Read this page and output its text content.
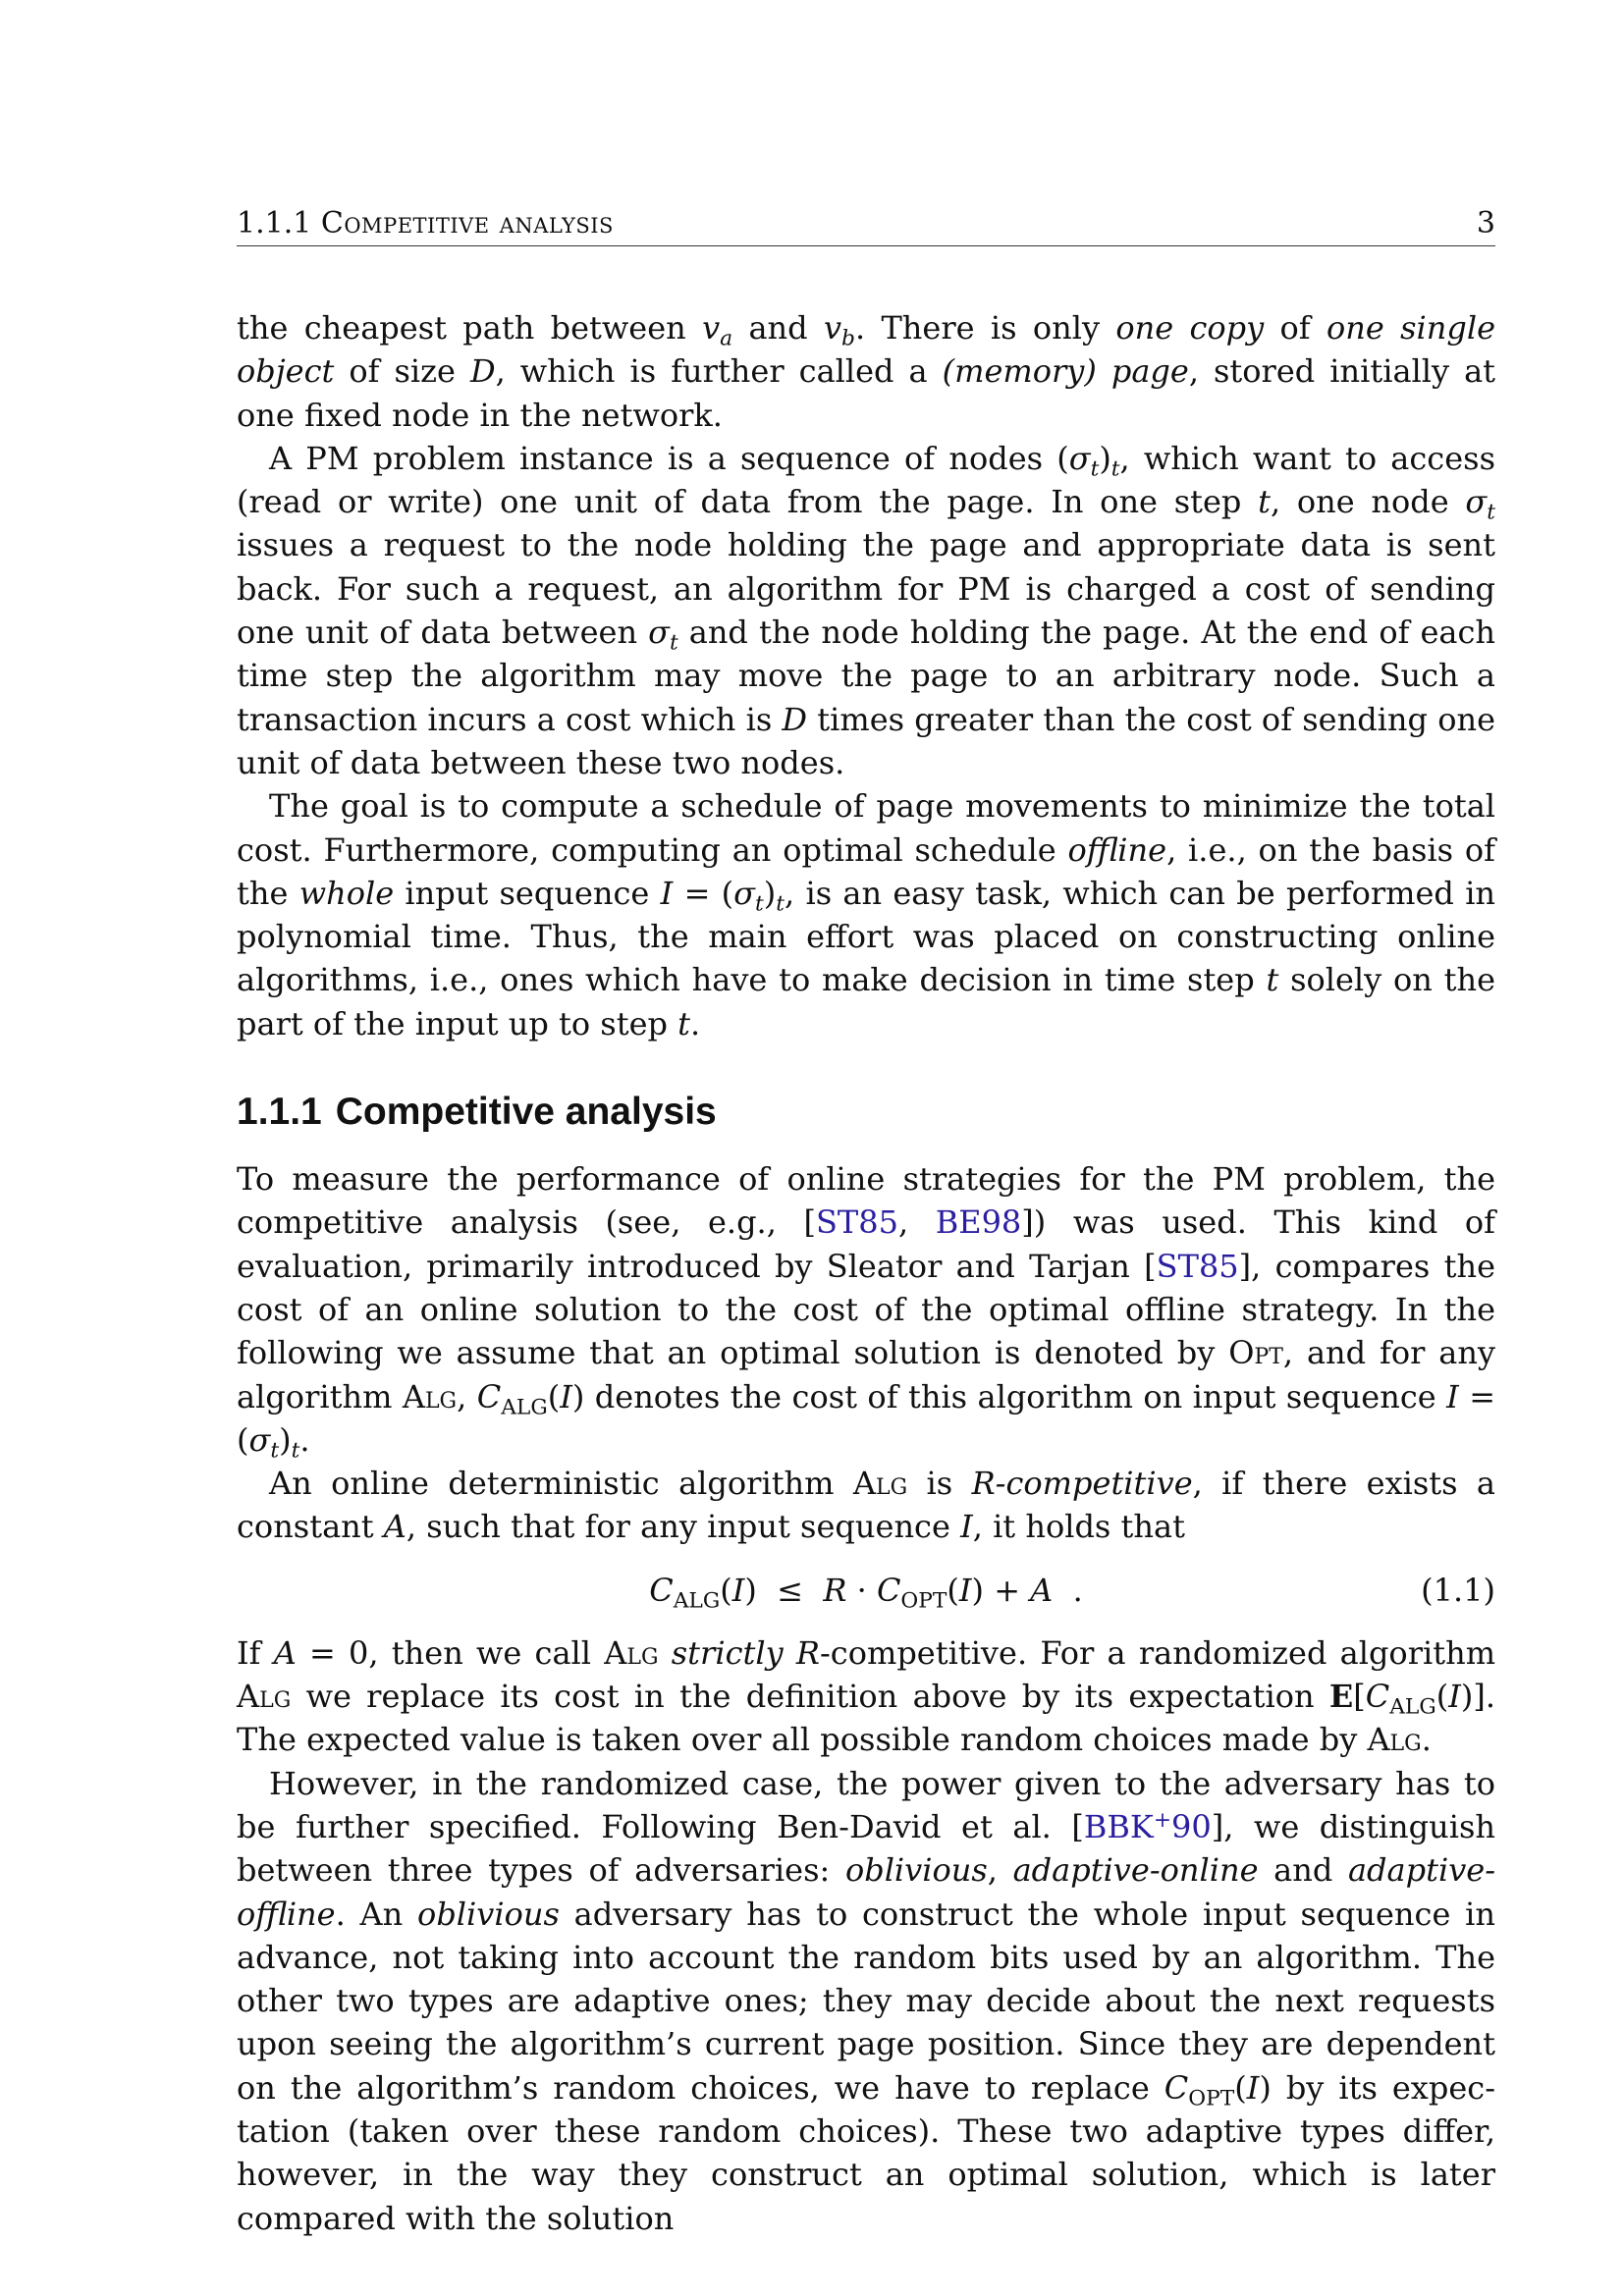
1.1.1 Competitive analysis	3

the cheapest path between $v_a$ and $v_b$. There is only one copy of one single object of size D, which is further called a (memory) page, stored initially at one fixed node in the network.

A PM problem instance is a sequence of nodes $(\sigma_t)_t$, which want to access (read or write) one unit of data from the page. In one step t, one node $\sigma_t$ issues a request to the node holding the page and appropriate data is sent back. For such a request, an algorithm for PM is charged a cost of sending one unit of data between $\sigma_t$ and the node holding the page. At the end of each time step the algorithm may move the page to an arbitrary node. Such a transaction incurs a cost which is D times greater than the cost of sending one unit of data between these two nodes.

The goal is to compute a schedule of page movements to minimize the total cost. Furthermore, computing an optimal schedule offline, i.e., on the basis of the whole input sequence $I = (\sigma_t)_t$, is an easy task, which can be performed in polynomial time. Thus, the main effort was placed on constructing online algorithms, i.e., ones which have to make decision in time step t solely on the part of the input up to step t.

1.1.1 Competitive analysis

To measure the performance of online strategies for the PM problem, the competitive analysis (see, e.g., [ST85, BE98]) was used. This kind of evaluation, primarily introduced by Sleator and Tarjan [ST85], compares the cost of an online solution to the cost of the optimal offline strategy. In the following we assume that an optimal solution is denoted by Opt, and for any algorithm Alg, $C_{ALG}(I)$ denotes the cost of this algorithm on input sequence $I = (\sigma_t)_t$.

An online deterministic algorithm Alg is R-competitive, if there exists a constant A, such that for any input sequence I, it holds that

$C_{ALG}(I) \le R \cdot C_{OPT}(I) + A$ .	(1.1)

If A = 0, then we call Alg strictly R-competitive. For a randomized algorithm Alg we replace its cost in the definition above by its expectation $E[C_{ALG}(I)]$. The expected value is taken over all possible random choices made by Alg.

However, in the randomized case, the power given to the adversary has to be further specified. Following Ben-David et al. [BBK+90], we distinguish between three types of adversaries: oblivious, adaptive-online and adaptive-offline. An oblivious adversary has to construct the whole input sequence in advance, not taking into account the random bits used by an algorithm. The other two types are adaptive ones; they may decide about the next requests upon seeing the algorithm’s current page position. Since they are dependent on the algorithm’s random choices, we have to replace $C_{OPT}(I)$ by its expec-tation (taken over these random choices). These two adaptive types differ, however, in the way they construct an optimal solution, which is later compared with the solution
